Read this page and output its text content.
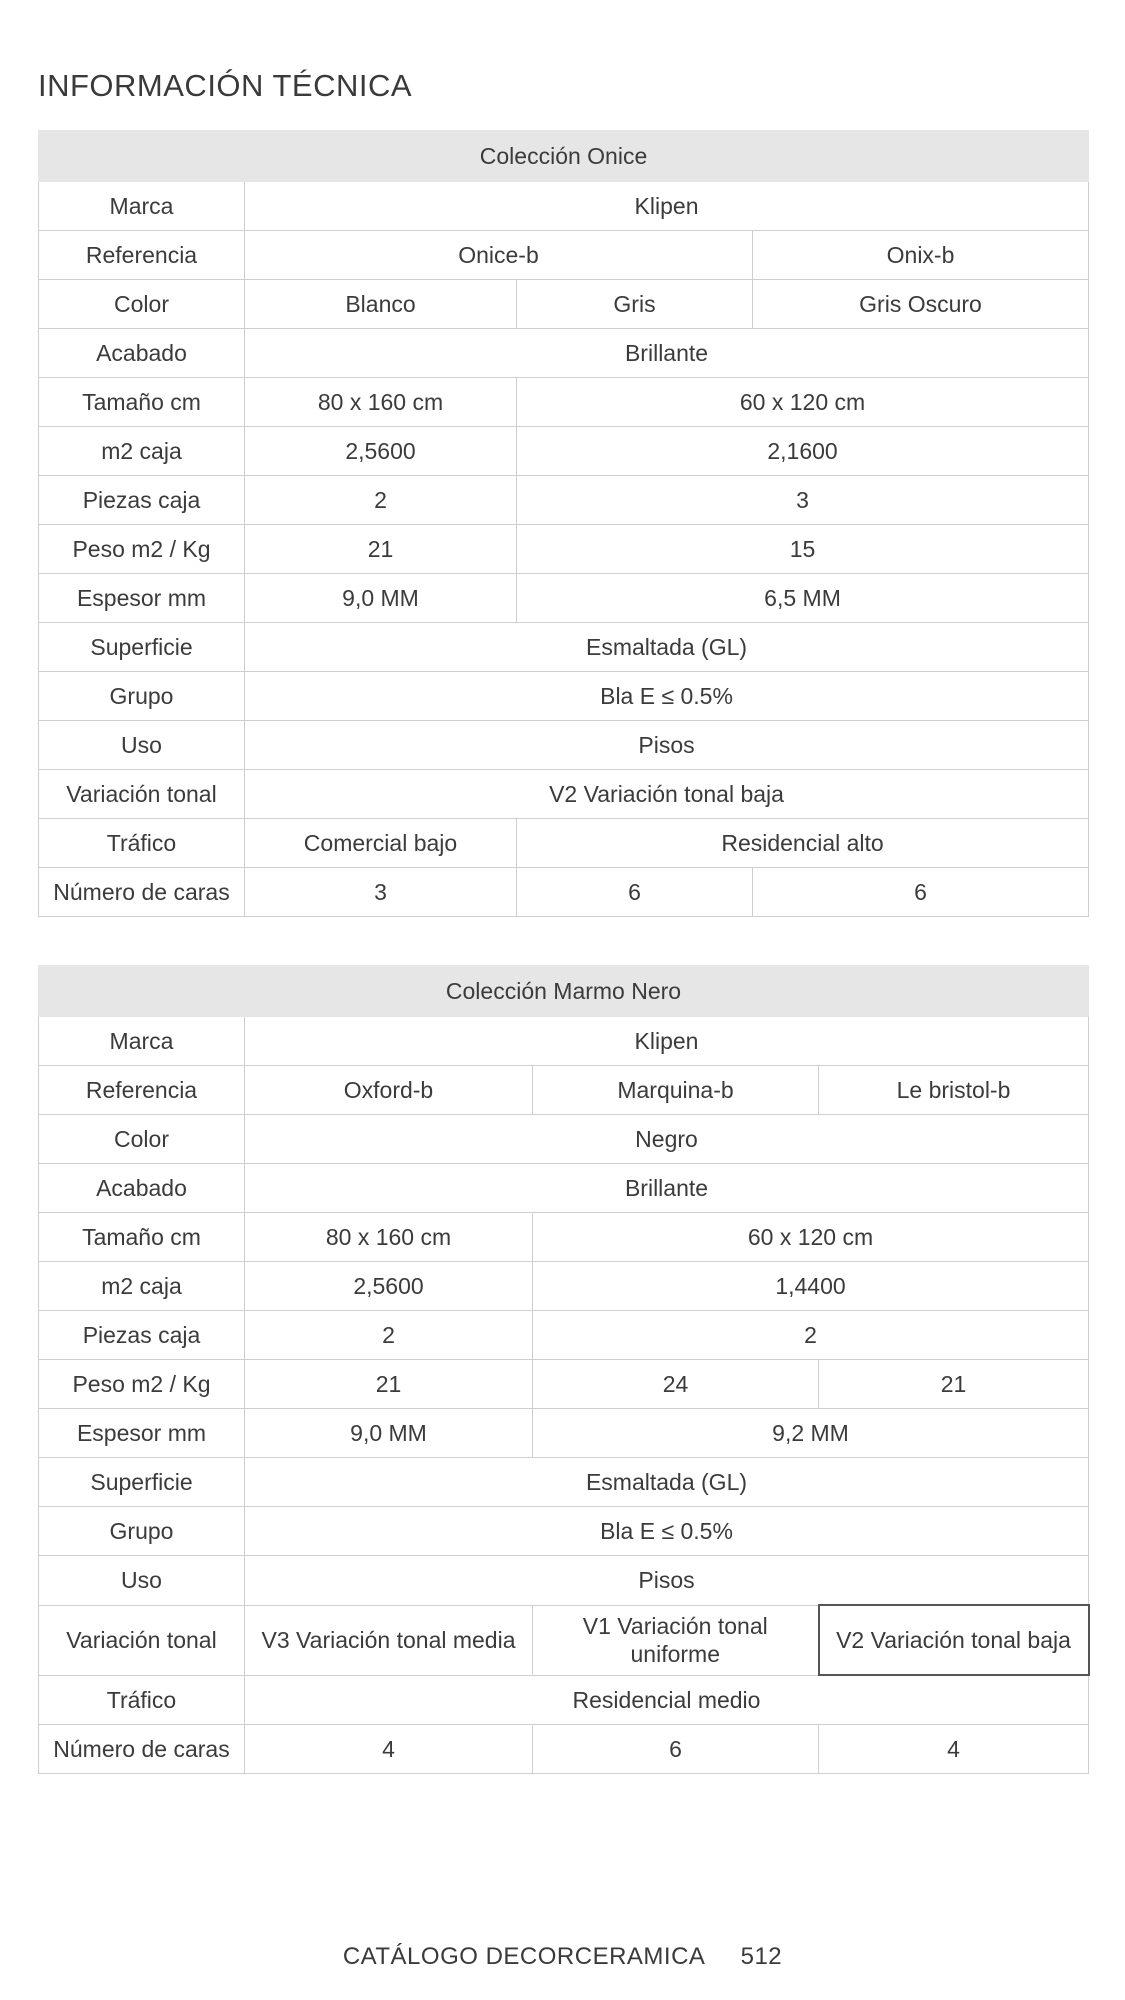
INFORMACIÓN TÉCNICA
Colección Onice			
Marca	Klipen		
Referencia	Onice-b		Onix-b
Color	Blanco	Gris	Gris Oscuro
Acabado	Brillante		
Tamaño cm	80 x 160 cm	60 x 120 cm	
m2 caja	2,5600	2,1600	
Piezas caja	2	3	
Peso m2 / Kg	21	15	
Espesor mm	9,0 MM	6,5 MM	
Superficie	Esmaltada (GL)		
Grupo	Bla E ≤ 0.5%		
Uso	Pisos		
Variación tonal	V2 Variación tonal baja		
Tráfico	Comercial bajo	Residencial alto	
Número de caras	3	6	6
Colección Marmo Nero			
Marca	Klipen		
Referencia	Oxford-b	Marquina-b	Le bristol-b
Color	Negro		
Acabado	Brillante		
Tamaño cm	80 x 160 cm	60 x 120 cm	
m2 caja	2,5600	1,4400	
Piezas caja	2	2	
Peso m2 / Kg	21	24	21
Espesor mm	9,0 MM	9,2 MM	
Superficie	Esmaltada (GL)		
Grupo	Bla E ≤ 0.5%		
Uso	Pisos		
Variación tonal	V3 Variación tonal media	V1 Variación tonal uniforme	V2 Variación tonal baja
Tráfico	Residencial medio		
Número de caras	4	6	4
CATÁLOGO DECORCERAMICA 512
